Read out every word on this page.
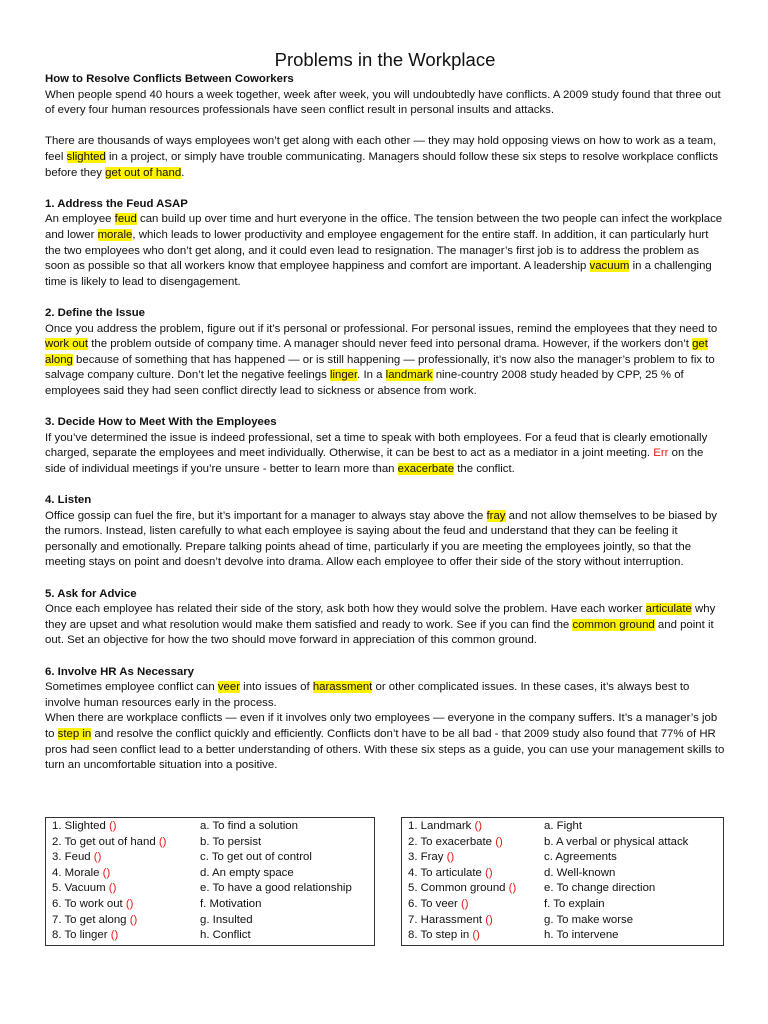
Problems in the Workplace
How to Resolve Conflicts Between Coworkers

When people spend 40 hours a week together, week after week, you will undoubtedly have conflicts. A 2009 study found that three out of every four human resources professionals have seen conflict result in personal insults and attacks.

There are thousands of ways employees won’t get along with each other — they may hold opposing views on how to work as a team, feel slighted in a project, or simply have trouble communicating. Managers should follow these six steps to resolve workplace conflicts before they get out of hand.

1. Address the Feud ASAP

An employee feud can build up over time and hurt everyone in the office. The tension between the two people can infect the workplace and lower morale, which leads to lower productivity and employee engagement for the entire staff. In addition, it can particularly hurt the two employees who don’t get along, and it could even lead to resignation. The manager’s first job is to address the problem as soon as possible so that all workers know that employee happiness and comfort are important. A leadership vacuum in a challenging time is likely to lead to disengagement.

2. Define the Issue

Once you address the problem, figure out if it’s personal or professional. For personal issues, remind the employees that they need to work out the problem outside of company time. A manager should never feed into personal drama. However, if the workers don’t get along because of something that has happened — or is still happening — professionally, it’s now also the manager’s problem to fix to salvage company culture. Don’t let the negative feelings linger. In a landmark nine-country 2008 study headed by CPP, 25 % of employees said they had seen conflict directly lead to sickness or absence from work.

3. Decide How to Meet With the Employees

If you’ve determined the issue is indeed professional, set a time to speak with both employees. For a feud that is clearly emotionally charged, separate the employees and meet individually. Otherwise, it can be best to act as a mediator in a joint meeting. Err on the side of individual meetings if you’re unsure - better to learn more than exacerbate the conflict.

4. Listen

Office gossip can fuel the fire, but it’s important for a manager to always stay above the fray and not allow themselves to be biased by the rumors. Instead, listen carefully to what each employee is saying about the feud and understand that they can be feeling it personally and emotionally. Prepare talking points ahead of time, particularly if you are meeting the employees jointly, so that the meeting stays on point and doesn’t devolve into drama. Allow each employee to offer their side of the story without interruption.

5. Ask for Advice

Once each employee has related their side of the story, ask both how they would solve the problem. Have each worker articulate why they are upset and what resolution would make them satisfied and ready to work. See if you can find the common ground and point it out. Set an objective for how the two should move forward in appreciation of this common ground.

6. Involve HR As Necessary

Sometimes employee conflict can veer into issues of harassment or other complicated issues. In these cases, it’s always best to involve human resources early in the process.

When there are workplace conflicts — even if it involves only two employees — everyone in the company suffers. It’s a manager’s job to step in and resolve the conflict quickly and efficiently. Conflicts don’t have to be all bad - that 2009 study also found that 77% of HR pros had seen conflict lead to a better understanding of others. With these six steps as a guide, you can use your management skills to turn an uncomfortable situation into a positive.

1. Slighted ()	a. To find a solution
2. To get out of hand ()	b. To persist
3. Feud ()	c. To get out of control
4. Morale ()	d. An empty space
5. Vacuum ()	e. To have a good relationship
6. To work out ()	f. Motivation
7. To get along ()	g. Insulted
8. To linger ()	h. Conflict
1. Landmark ()	a. Fight
2. To exacerbate ()	b. A verbal or physical attack
3. Fray ()	c. Agreements
4. To articulate ()	d. Well-known
5. Common ground ()	e. To change direction
6. To veer ()	f. To explain
7. Harassment ()	g. To make worse
8. To step in ()	h. To intervene
